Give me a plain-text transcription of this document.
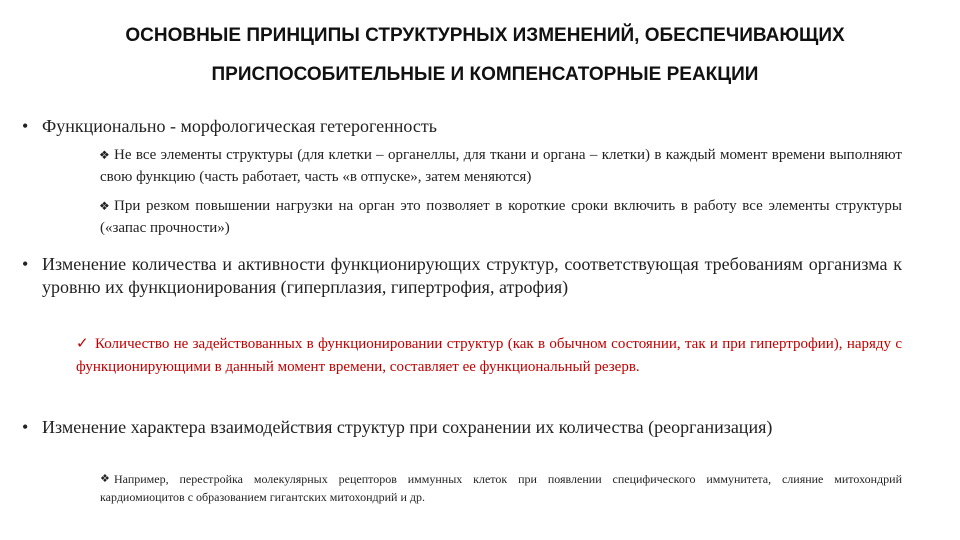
ОСНОВНЫЕ ПРИНЦИПЫ СТРУКТУРНЫХ ИЗМЕНЕНИЙ, ОБЕСПЕЧИВАЮЩИХ
ПРИСПОСОБИТЕЛЬНЫЕ И КОМПЕНСАТОРНЫЕ РЕАКЦИИ
• Функционально - морфологическая гетерогенность
❖ Не все элементы структуры (для клетки – органеллы, для ткани и органа – клетки) в каждый момент времени выполняют свою функцию (часть работает, часть «в отпуске», затем меняются)
❖ При резком повышении нагрузки на орган это позволяет в короткие сроки включить в работу все элементы структуры («запас прочности»)
• Изменение количества и активности функционирующих структур, соответствующая требованиям организма к уровню их функционирования (гиперплазия, гипертрофия, атрофия)
✓ Количество не задействованных в функционировании структур (как в обычном состоянии, так и при гипертрофии), наряду с функционирующими в данный момент времени, составляет ее функциональный резерв.
• Изменение характера взаимодействия структур при сохранении их количества (реорганизация)
❖ Например, перестройка молекулярных рецепторов иммунных клеток при появлении специфического иммунитета, слияние митохондрий кардиомиоцитов с образованием гигантских митохондрий и др.
